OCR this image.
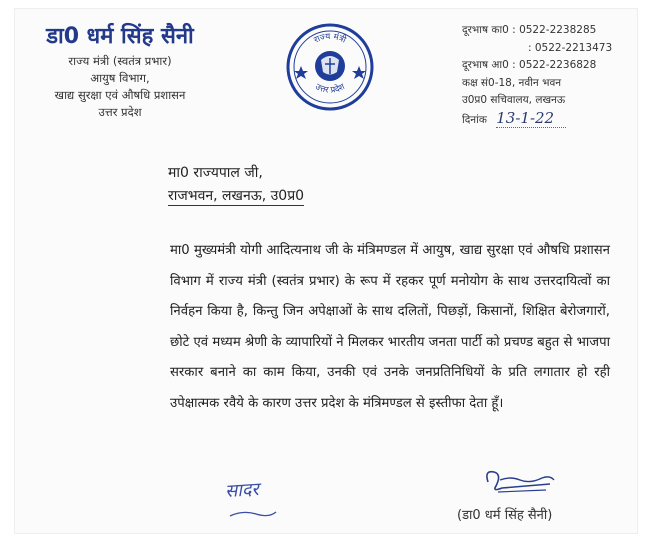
डा0 धर्म सिंह सैनी
राज्य मंत्री (स्वतंत्र प्रभार)
आयुष विभाग,
खाद्य सुरक्षा एवं औषधि प्रशासन
उत्तर प्रदेश
राज्य मंत्री
उत्तर प्रदेश
दूरभाष का0 : 0522-2238285
: 0522-2213473
दूरभाष आ0 : 0522-2236828
कक्ष सं0-18, नवीन भवन
उ0प्र0 सचिवालय, लखनऊ
दिनांक 13-1-22
मा0 राज्यपाल जी,
राजभवन, लखनऊ, उ0प्र0
मा0 मुख्यमंत्री योगी आदित्यनाथ जी के मंत्रिमण्डल में आयुष, खाद्य सुरक्षा एवं औषधि प्रशासन विभाग में राज्य मंत्री (स्वतंत्र प्रभार) के रूप में रहकर पूर्ण मनोयोग के साथ उत्तरदायित्वों का निर्वहन किया है, किन्तु जिन अपेक्षाओं के साथ दलितों, पिछड़ों, किसानों, शिक्षित बेरोजगारों, छोटे एवं मध्यम श्रेणी के व्यापारियों ने मिलकर भारतीय जनता पार्टी को प्रचण्ड बहुत से भाजपा सरकार बनाने का काम किया, उनकी एवं उनके जनप्रतिनिधियों के प्रति लगातार हो रही उपेक्षात्मक रवैये के कारण उत्तर प्रदेश के मंत्रिमण्डल से इस्तीफा देता हूँ।
सादर
(डा0 धर्म सिंह सैनी)
